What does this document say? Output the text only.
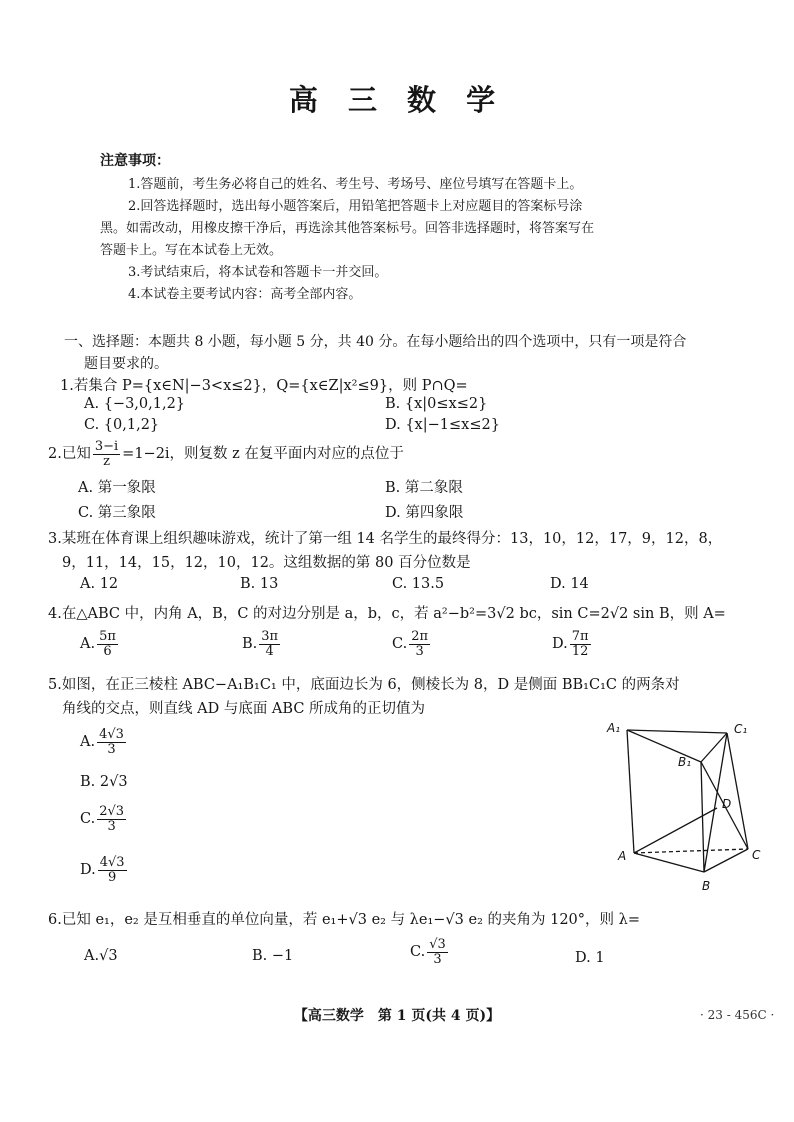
高 三 数 学
注意事项：
1.答题前，考生务必将自己的姓名、考生号、考场号、座位号填写在答题卡上。
2.回答选择题时，选出每小题答案后，用铅笔把答题卡上对应题目的答案标号涂
黑。如需改动，用橡皮擦干净后，再选涂其他答案标号。回答非选择题时，将答案写在
答题卡上。写在本试卷上无效。
3.考试结束后，将本试卷和答题卡一并交回。
4.本试卷主要考试内容：高考全部内容。
一、选择题：本题共 8 小题，每小题 5 分，共 40 分。在每小题给出的四个选项中，只有一项是符合
题目要求的。
1.若集合 P={x∈N|−3<x≤2}，Q={x∈Z|x²≤9}，则 P∩Q=
A. {−3,0,1,2}	B. {x|0≤x≤2}
C. {0,1,2}	D. {x|−1≤x≤2}
2.已知 $\frac{3-i}{z} =1-2i$，则复数 z 在复平面内对应的点位于
A. 第一象限	B. 第二象限
C. 第三象限	D. 第四象限
3.某班在体育课上组织趣味游戏，统计了第一组 14 名学生的最终得分：13，10，12，17，9，12，8，
9，11，14，15，12，10，12。这组数据的第 80 百分位数是
A. 12	B. 13	C. 13.5	D. 14
4.在△ABC 中，内角 A，B，C 的对边分别是 a，b，c，若 a²−b²=3√2 bc，sin C=2√2 sin B，则 A=
A. $\frac{5\pi}{6}$	B. $\frac{3\pi}{4}$	C. $\frac{2\pi}{3}$	D. $\frac{7\pi}{12}$
5.如图，在正三棱柱 ABC−A₁B₁C₁ 中，底面边长为 6，侧棱长为 8，D 是侧面 BB₁C₁C 的两条对
角线的交点，则直线 AD 与底面 ABC 所成角的正切值为
A. $\frac{4√3}{3}$
B. 2√3
C. $\frac{2√3}{3}$
D. $\frac{4√3}{9}$
A₁	C₁
B₁
D
A	C
B
6.已知 e₁，e₂ 是互相垂直的单位向量，若 e₁+√3 e₂ 与 λe₁−√3 e₂ 的夹角为 120°，则 λ=
A.√3	B. −1	C. $\frac{√3}{3}$	D. 1
【高三数学　第 1 页(共 4 页)】	· 23 - 456C ·
